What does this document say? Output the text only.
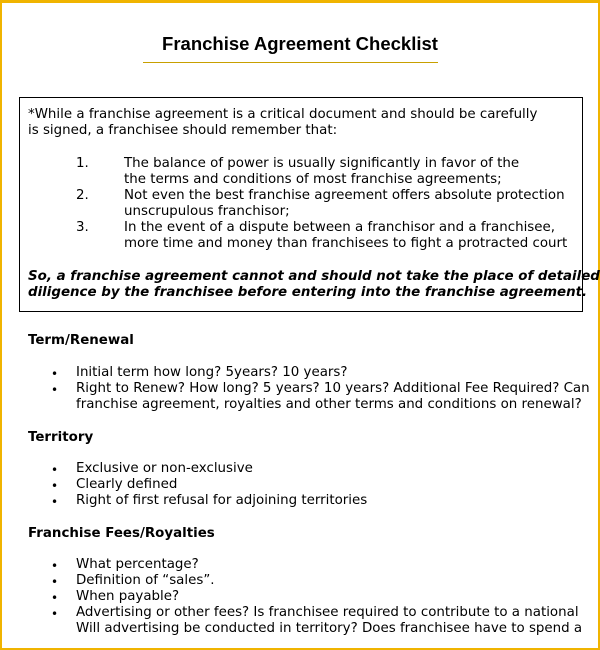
Franchise Agreement Checklist
*While a franchise agreement is a critical document and should be carefully
is signed, a franchisee should remember that:
1.	The balance of power is usually significantly in favor of the
the terms and conditions of most franchise agreements;
2.	Not even the best franchise agreement offers absolute protection
unscrupulous franchisor;
3.	In the event of a dispute between a franchisor and a franchisee,
more time and money than franchisees to fight a protracted court
So, a franchise agreement cannot and should not take the place of detailed
diligence by the franchisee before entering into the franchise agreement.
Term/Renewal
• Initial term how long? 5years? 10 years?
• Right to Renew? How long? 5 years? 10 years? Additional Fee Required? Can
franchise agreement, royalties and other terms and conditions on renewal?
Territory
• Exclusive or non-exclusive
• Clearly defined
• Right of first refusal for adjoining territories
Franchise Fees/Royalties
• What percentage?
• Definition of “sales”.
• When payable?
• Advertising or other fees? Is franchisee required to contribute to a national
Will advertising be conducted in territory? Does franchisee have to spend a
